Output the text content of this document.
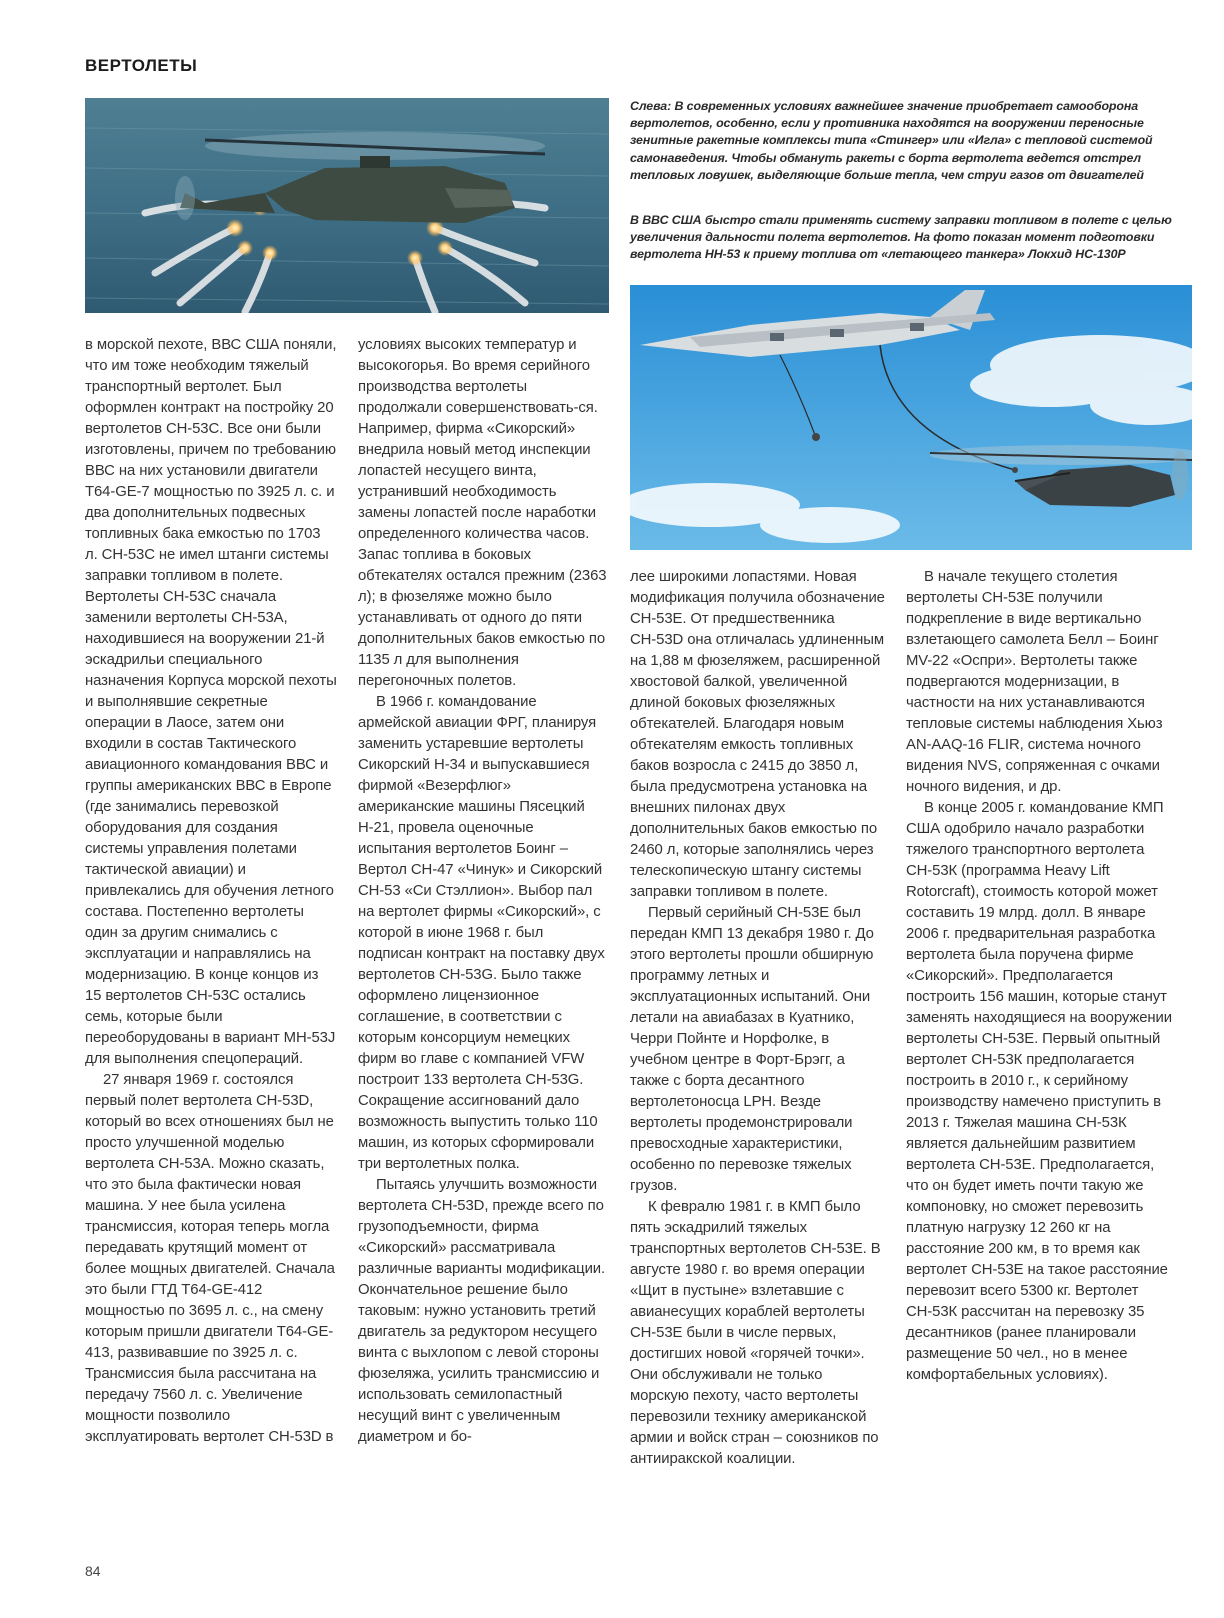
ВЕРТОЛЕТЫ
Слева: В современных условиях важнейшее значение приобретает самооборона вертолетов, особенно, если у противника находятся на вооружении переносные зенитные ракетные комплексы типа «Стингер» или «Игла» с тепловой системой самонаведения. Чтобы обмануть ракеты с борта вертолета ведется отстрел тепловых ловушек, выделяющие больше тепла, чем струи газов от двигателей
В ВВС США быстро стали применять систему заправки топливом в полете с целью увеличения дальности полета вертолетов. На фото показан момент подготовки вертолета НН-53 к приему топлива от «летающего танкера» Локхид НС-130Р

в морской пехоте, ВВС США поняли, что им тоже необходим тяжелый транспортный вертолет. Был оформлен контракт на постройку 20 вертолетов СН-53С. Все они были изготовлены, причем по требованию ВВС на них установили двигатели Т64-GE-7 мощностью по 3925 л. с. и два дополнительных подвесных топливных бака емкостью по 1703 л. СН-53С не имел штанги системы заправки топливом в полете. Вертолеты СН-53С сначала заменили вертолеты СН-53А, находившиеся на вооружении 21-й эскадрильи специального назначения Корпуса морской пехоты и выполнявшие секретные операции в Лаосе, затем они входили в состав Тактического авиационного командования ВВС и группы американских ВВС в Европе (где занимались перевозкой оборудования для создания системы управления полетами тактической авиации) и привлекались для обучения летного состава. Постепенно вертолеты один за другим снимались с эксплуатации и направлялись на модернизацию. В конце концов из 15 вертолетов СН-53С остались семь, которые были переоборудованы в вариант МН-53J для выполнения спецопераций.

27 января 1969 г. состоялся первый полет вертолета СН-53D, который во всех отношениях был не просто улучшенной моделью вертолета СН-53А. Можно сказать, что это была фактически новая машина. У нее была усилена трансмиссия, которая теперь могла передавать крутящий момент от более мощных двигателей. Сначала это были ГТД Т64-GE-412 мощностью по 3695 л. с., на смену которым пришли двигатели Т64-GE-413, развивавшие по 3925 л. с. Трансмиссия была рассчитана на передачу 7560 л. с. Увеличение мощности позволило эксплуатировать вертолет СН-53D в

условиях высоких температур и высокогорья. Во время серийного производства вертолеты продолжали совершенствовать-ся. Например, фирма «Сикорский» внедрила новый метод инспекции лопастей несущего винта, устранивший необходимость замены лопастей после наработки определенного количества часов. Запас топлива в боковых обтекателях остался прежним (2363 л); в фюзеляже можно было устанавливать от одного до пяти дополнительных баков емкостью по 1135 л для выполнения перегоночных полетов.

В 1966 г. командование армейской авиации ФРГ, планируя заменить устаревшие вертолеты Сикорский Н-34 и выпускавшиеся фирмой «Везерфлюг» американские машины Пясецкий Н-21, провела оценочные испытания вертолетов Боинг – Вертол СН-47 «Чинук» и Сикорский СН-53 «Си Стэллион». Выбор пал на вертолет фирмы «Сикорский», с которой в июне 1968 г. был подписан контракт на поставку двух вертолетов СН-53G. Было также оформлено лицензионное соглашение, в соответствии с которым консорциум немецких фирм во главе с компанией VFW построит 133 вертолета СН-53G. Сокращение ассигнований дало возможность выпустить только 110 машин, из которых сформировали три вертолетных полка.

Пытаясь улучшить возможности вертолета СН-53D, прежде всего по грузоподъемности, фирма «Сикорский» рассматривала различные варианты модификации. Окончательное решение было таковым: нужно установить третий двигатель за редуктором несущего винта с выхлопом с левой стороны фюзеляжа, усилить трансмиссию и использовать семилопастный несущий винт с увеличенным диаметром и бо-

лее широкими лопастями. Новая модификация получила обозначение СН-53Е. От предшественника СН-53D она отличалась удлиненным на 1,88 м фюзеляжем, расширенной хвостовой балкой, увеличенной длиной боковых фюзеляжных обтекателей. Благодаря новым обтекателям емкость топливных баков возросла с 2415 до 3850 л, была предусмотрена установка на внешних пилонах двух дополнительных баков емкостью по 2460 л, которые заполнялись через телескопическую штангу системы заправки топливом в полете.

Первый серийный СН-53Е был передан КМП 13 декабря 1980 г. До этого вертолеты прошли обширную программу летных и эксплуатационных испытаний. Они летали на авиабазах в Куатнико, Черри Пойнте и Норфолке, в учебном центре в Форт-Брэгг, а также с борта десантного вертолетоносца LPH. Везде вертолеты продемонстрировали превосходные характеристики, особенно по перевозке тяжелых грузов.

К февралю 1981 г. в КМП было пять эскадрилий тяжелых транспортных вертолетов СН-53Е. В августе 1980 г. во время операции «Щит в пустыне» взлетавшие с авианесущих кораблей вертолеты СН-53Е были в числе первых, достигших новой «горячей точки». Они обслуживали не только морскую пехоту, часто вертолеты перевозили технику американской армии и войск стран – союзников по антииракской коалиции.

В начале текущего столетия вертолеты СН-53Е получили подкрепление в виде вертикально взлетающего самолета Белл – Боинг MV-22 «Оспри». Вертолеты также подвергаются модернизации, в частности на них устанавливаются тепловые системы наблюдения Хьюз AN-AAQ-16 FLIR, система ночного видения NVS, сопряженная с очками ночного видения, и др.

В конце 2005 г. командование КМП США одобрило начало разработки тяжелого транспортного вертолета СН-53К (программа Heavy Lift Rotorcraft), стоимость которой может составить 19 млрд. долл. В январе 2006 г. предварительная разработка вертолета была поручена фирме «Сикорский». Предполагается построить 156 машин, которые станут заменять находящиеся на вооружении вертолеты СН-53Е. Первый опытный вертолет СН-53К предполагается построить в 2010 г., к серийному производству намечено приступить в 2013 г. Тяжелая машина СН-53К является дальнейшим развитием вертолета СН-53Е. Предполагается, что он будет иметь почти такую же компоновку, но сможет перевозить платную нагрузку 12 260 кг на расстояние 200 км, в то время как вертолет СН-53Е на такое расстояние перевозит всего 5300 кг. Вертолет СН-53К рассчитан на перевозку 35 десантников (ранее планировали размещение 50 чел., но в менее комфортабельных условиях).

84
